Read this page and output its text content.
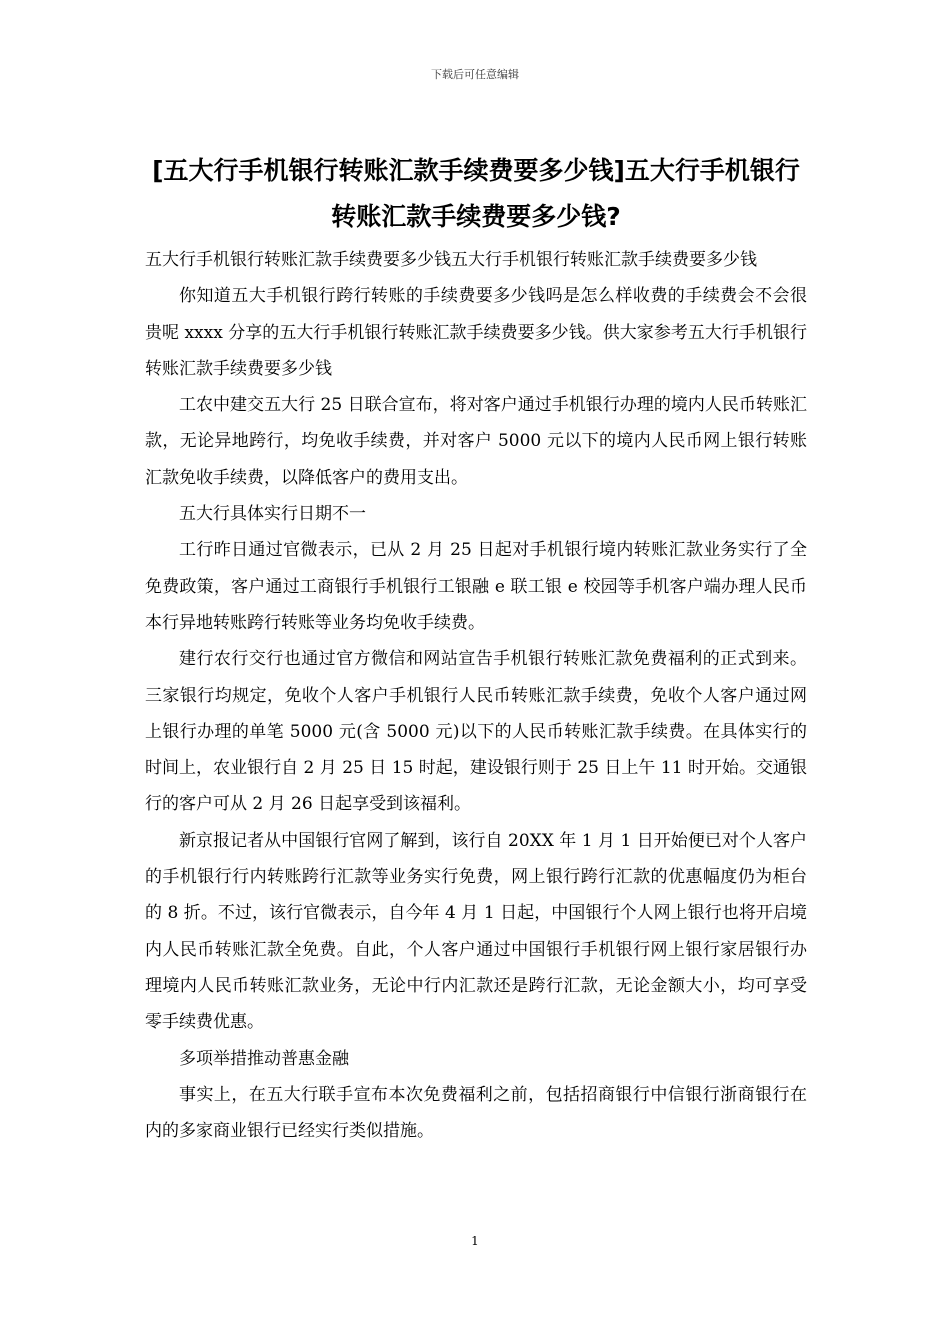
下载后可任意编辑
[五大行手机银行转账汇款手续费要多少钱]五大行手机银行
转账汇款手续费要多少钱?

五大行手机银行转账汇款手续费要多少钱五大行手机银行转账汇款手续费要多少钱

你知道五大手机银行跨行转账的手续费要多少钱吗是怎么样收费的手续费会不会很贵呢 xxxx 分享的五大行手机银行转账汇款手续费要多少钱。供大家参考五大行手机银行转账汇款手续费要多少钱

工农中建交五大行 25 日联合宣布，将对客户通过手机银行办理的境内人民币转账汇款，无论异地跨行，均免收手续费，并对客户 5000 元以下的境内人民币网上银行转账汇款免收手续费，以降低客户的费用支出。

五大行具体实行日期不一

工行昨日通过官微表示，已从 2 月 25 日起对手机银行境内转账汇款业务实行了全免费政策，客户通过工商银行手机银行工银融 e 联工银 e 校园等手机客户端办理人民币本行异地转账跨行转账等业务均免收手续费。

建行农行交行也通过官方微信和网站宣告手机银行转账汇款免费福利的正式到来。三家银行均规定，免收个人客户手机银行人民币转账汇款手续费，免收个人客户通过网上银行办理的单笔 5000 元(含 5000 元)以下的人民币转账汇款手续费。在具体实行的时间上，农业银行自 2 月 25 日 15 时起，建设银行则于 25 日上午 11 时开始。交通银行的客户可从 2 月 26 日起享受到该福利。

新京报记者从中国银行官网了解到，该行自 20XX 年 1 月 1 日开始便已对个人客户的手机银行行内转账跨行汇款等业务实行免费，网上银行跨行汇款的优惠幅度仍为柜台的 8 折。不过，该行官微表示，自今年 4 月 1 日起，中国银行个人网上银行也将开启境内人民币转账汇款全免费。自此，个人客户通过中国银行手机银行网上银行家居银行办理境内人民币转账汇款业务，无论中行内汇款还是跨行汇款，无论金额大小，均可享受零手续费优惠。

多项举措推动普惠金融

事实上，在五大行联手宣布本次免费福利之前，包括招商银行中信银行浙商银行在内的多家商业银行已经实行类似措施。

1
